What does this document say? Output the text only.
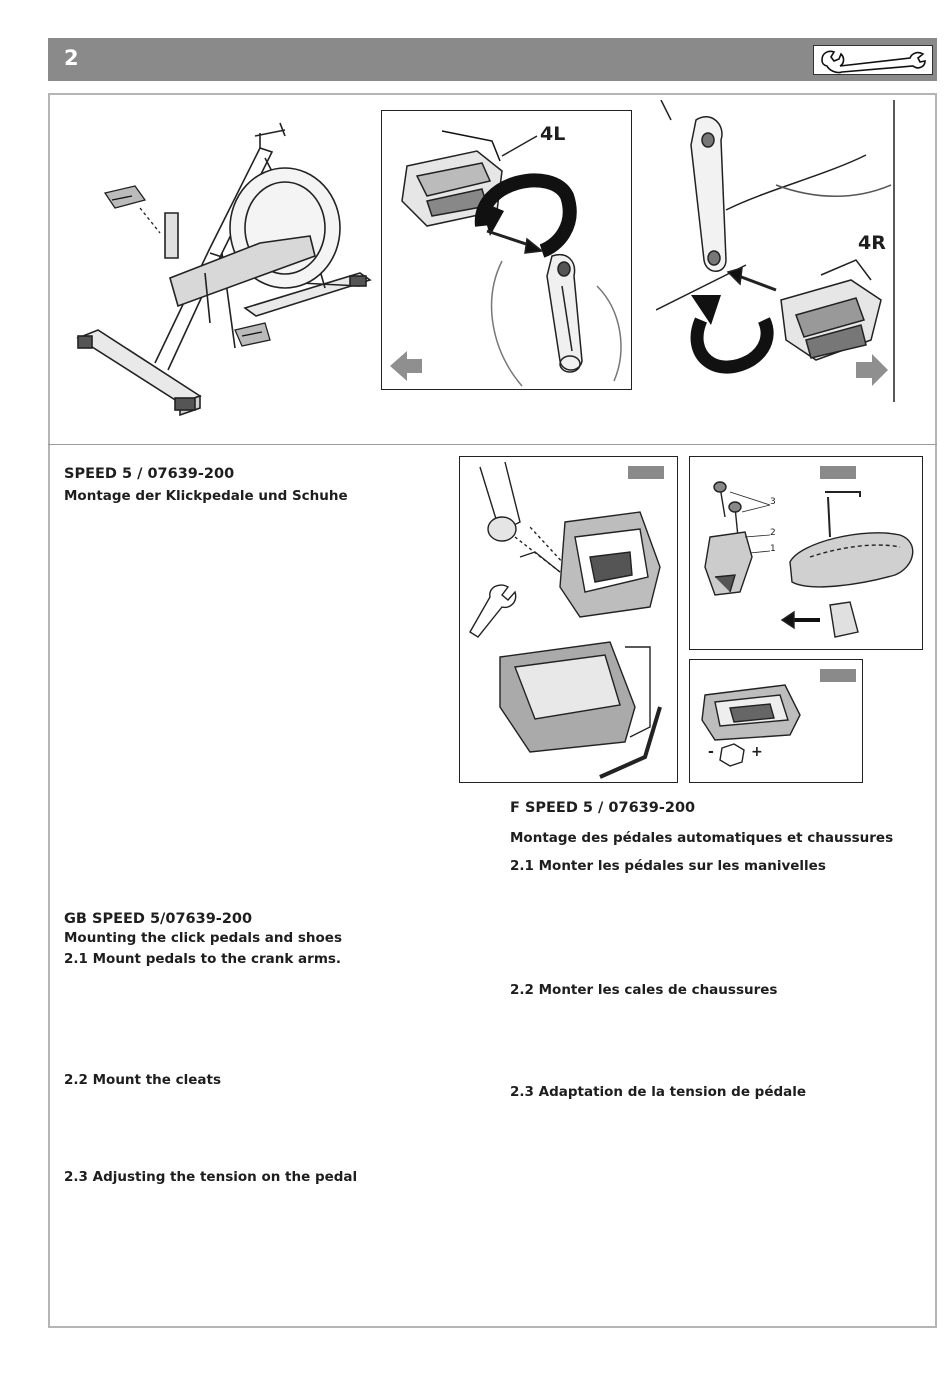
2
4L
4R
3
2
1
-	+
SPEED 5 / 07639-200
Montage der Klickpedale und Schuhe
GB SPEED 5/07639-200
Mounting the click pedals and shoes
2.1 Mount pedals to the crank arms.
2.2 Mount the cleats
2.3 Adjusting the tension on the pedal
F SPEED 5 / 07639-200
Montage des pédales automatiques et chaussures
2.1 Monter les pédales sur les manivelles
2.2 Monter les cales de chaussures
2.3 Adaptation de la tension de pédale
